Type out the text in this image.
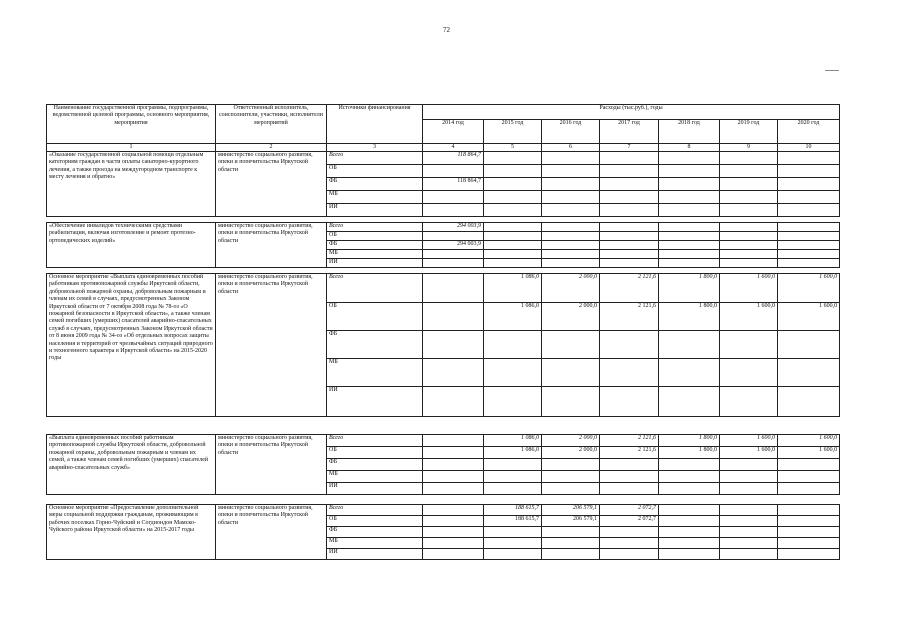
72
Наименование государственной программы, подпрограммы, ведомственной целевой программы, основного мероприятия, мероприятия	Ответственный исполнитель, соисполнители, участники, исполнители мероприятий	Источники финансирования	Расходы (тыс.руб.), годы						
			2014 год	2015 год	2016 год	2017 год	2018 год	2019 год	2020 год
1	2	3	4	5	6	7	8	9	10
«Оказание государственной социальной помощи отдельным категориям граждан в части оплаты санаторно-курортного лечения, а также проезда на междугородном транспорте к месту лечения и обратно»	министерство социального развития, опеки и попечительства Иркутской области	Всего	118 864,7						
		ОБ							
		ФБ	118 864,7						
		МБ							
		ИИ							

«Обеспечение инвалидов техническими средствами реабилитации, включая изготовление и ремонт протезно-ортопедических изделий»	министерство социального развития, опеки и попечительства Иркутской области	Всего	294 003,9						
		ОБ							
		ФБ	294 003,9						
		МБ							
		ИИ							

Основное мероприятие «Выплата единовременных пособий работникам противопожарной службы Иркутской области, добровольной пожарной охраны, добровольным пожарным и членам их семей в случаях, предусмотренных Законом Иркутской области от 7 октября 2008 года № 78-оз «О пожарной безопасности в Иркутской области», а также членам семей погибших (умерших) спасателей аварийно-спасательных служб в случаях, предусмотренных Законом Иркутской области от 8 июня 2009 года № 34-оз «Об отдельных вопросах защиты населения и территорий от чрезвычайных ситуаций природного и техногенного характера в Иркутской области» на 2015-2020 годы	министерство социального развития, опеки и попечительства Иркутской области	Всего		1 086,0	2 000,0	2 121,6	1 800,0	1 600,0	1 600,0
		ОБ		1 086,0	2 000,0	2 121,6	1 800,0	1 600,0	1 600,0
		ФБ							
		МБ							
		ИИ							

«Выплата единовременных пособий работникам противопожарной службы Иркутской области, добровольной пожарной охраны, добровольным пожарным и членам их семей, а также членам семей погибших (умерших) спасателей аварийно-спасательных служб»	министерство социального развития, опеки и попечительства Иркутской области	Всего		1 086,0	2 000,0	2 121,6	1 800,0	1 600,0	1 600,0
		ОБ		1 086,0	2 000,0	2 121,6	1 800,0	1 600,0	1 600,0
		ФБ							
		МБ							
		ИИ							

Основное мероприятие «Предоставление дополнительной меры социальной поддержки гражданам, проживающим в рабочих поселках Горно-Чуйский и Согдиондон Мамско-Чуйского района Иркутской области» на 2015-2017 годы	министерство социального развития, опеки и попечительства Иркутской области	Всего		188 615,7	206 579,1	2 072,7			
		ОБ		188 615,7	206 579,1	2 072,7			
		ФБ							
		МБ							
		ИИ							
